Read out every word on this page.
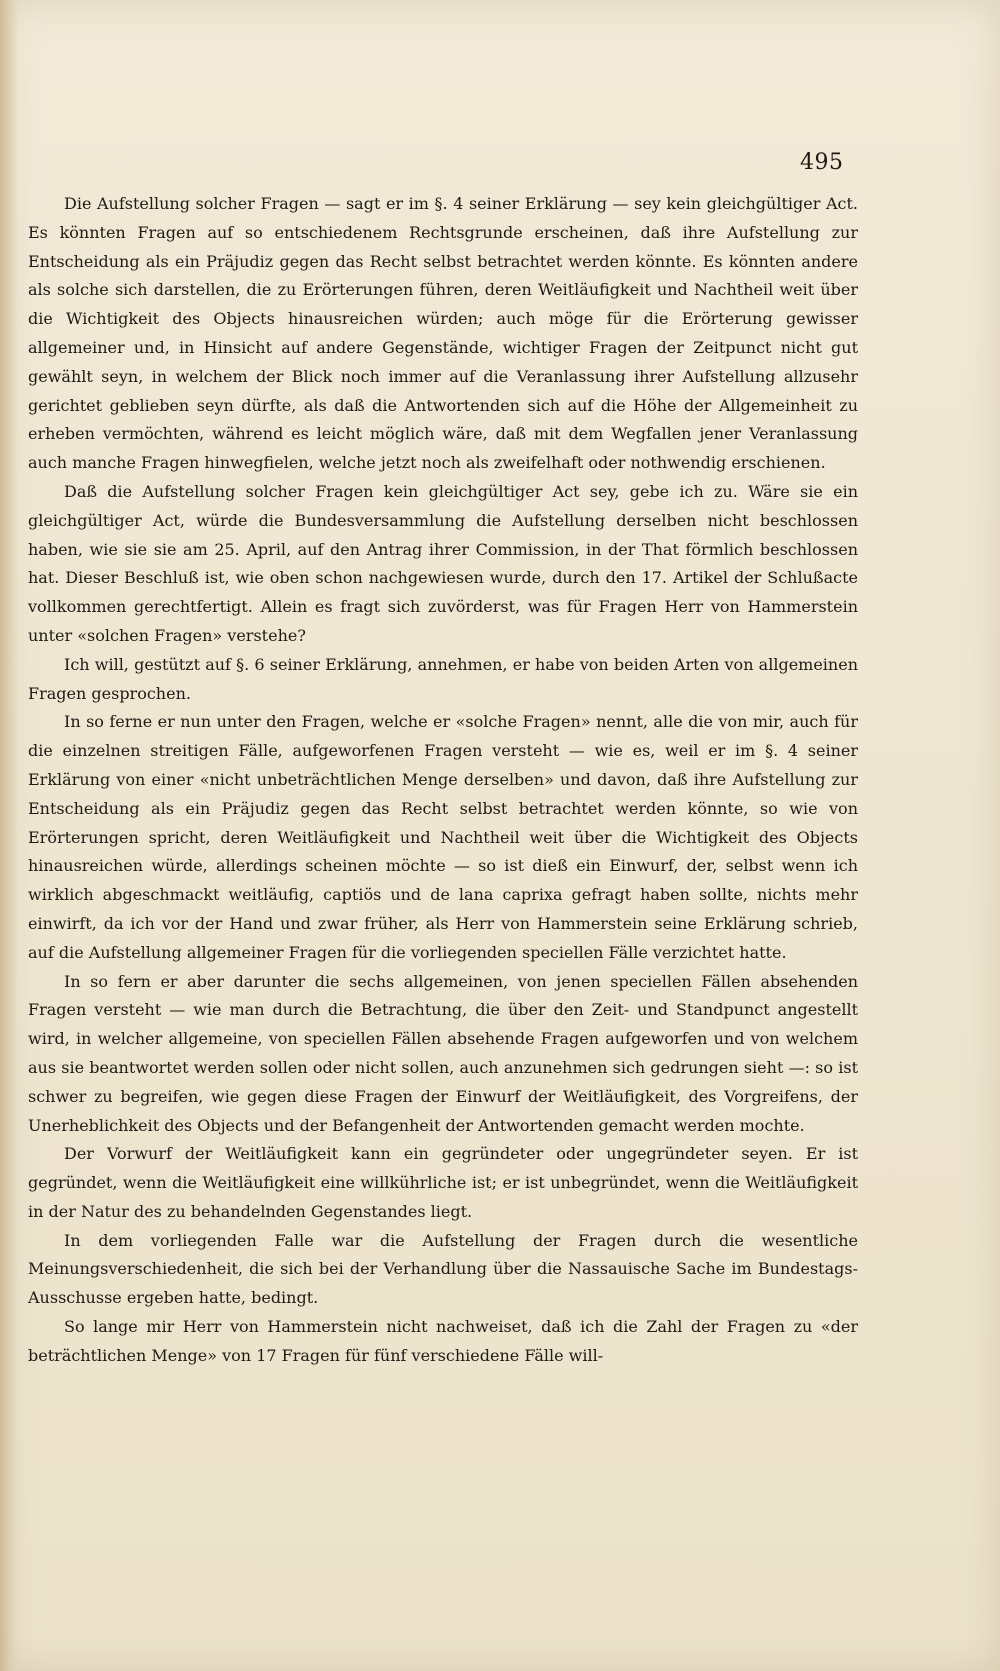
495

Die Aufstellung solcher Fragen — sagt er im §. 4 seiner Erklärung — sey kein gleichgültiger Act. Es könnten Fragen auf so entschiedenem Rechtsgrunde erscheinen, daß ihre Aufstellung zur Entscheidung als ein Präjudiz gegen das Recht selbst betrachtet werden könnte. Es könnten andere als solche sich darstellen, die zu Erörterungen führen, deren Weitläufigkeit und Nachtheil weit über die Wichtigkeit des Objects hinausreichen würden; auch möge für die Erörterung gewisser allgemeiner und, in Hinsicht auf andere Gegenstände, wichtiger Fragen der Zeitpunct nicht gut gewählt seyn, in welchem der Blick noch immer auf die Veranlassung ihrer Aufstellung allzusehr gerichtet geblieben seyn dürfte, als daß die Antwortenden sich auf die Höhe der Allgemeinheit zu erheben vermöchten, während es leicht möglich wäre, daß mit dem Wegfallen jener Veranlassung auch manche Fragen hinwegfielen, welche jetzt noch als zweifelhaft oder nothwendig erschienen.

Daß die Aufstellung solcher Fragen kein gleichgültiger Act sey, gebe ich zu. Wäre sie ein gleichgültiger Act, würde die Bundesversammlung die Aufstellung derselben nicht beschlossen haben, wie sie sie am 25. April, auf den Antrag ihrer Commission, in der That förmlich beschlossen hat. Dieser Beschluß ist, wie oben schon nachgewiesen wurde, durch den 17. Artikel der Schlußacte vollkommen gerechtfertigt. Allein es fragt sich zuvörderst, was für Fragen Herr von Hammerstein unter «solchen Fragen» verstehe?

Ich will, gestützt auf §. 6 seiner Erklärung, annehmen, er habe von beiden Arten von allgemeinen Fragen gesprochen.

In so ferne er nun unter den Fragen, welche er «solche Fragen» nennt, alle die von mir, auch für die einzelnen streitigen Fälle, aufgeworfenen Fragen versteht — wie es, weil er im §. 4 seiner Erklärung von einer «nicht unbeträchtlichen Menge derselben» und davon, daß ihre Aufstellung zur Entscheidung als ein Präjudiz gegen das Recht selbst betrachtet werden könnte, so wie von Erörterungen spricht, deren Weitläufigkeit und Nachtheil weit über die Wichtigkeit des Objects hinausreichen würde, allerdings scheinen möchte — so ist dieß ein Einwurf, der, selbst wenn ich wirklich abgeschmackt weitläufig, captiös und de lana caprixa gefragt haben sollte, nichts mehr einwirft, da ich vor der Hand und zwar früher, als Herr von Hammerstein seine Erklärung schrieb, auf die Aufstellung allgemeiner Fragen für die vorliegenden speciellen Fälle verzichtet hatte.

In so fern er aber darunter die sechs allgemeinen, von jenen speciellen Fällen absehenden Fragen versteht — wie man durch die Betrachtung, die über den Zeit- und Standpunct angestellt wird, in welcher allgemeine, von speciellen Fällen absehende Fragen aufgeworfen und von welchem aus sie beantwortet werden sollen oder nicht sollen, auch anzunehmen sich gedrungen sieht —: so ist schwer zu begreifen, wie gegen diese Fragen der Einwurf der Weitläufigkeit, des Vorgreifens, der Unerheblichkeit des Objects und der Befangenheit der Antwortenden gemacht werden mochte.

Der Vorwurf der Weitläufigkeit kann ein gegründeter oder ungegründeter seyen. Er ist gegründet, wenn die Weitläufigkeit eine willkührliche ist; er ist unbegründet, wenn die Weitläufigkeit in der Natur des zu behandelnden Gegenstandes liegt.

In dem vorliegenden Falle war die Aufstellung der Fragen durch die wesentliche Meinungsverschiedenheit, die sich bei der Verhandlung über die Nassauische Sache im Bundestags-Ausschusse ergeben hatte, bedingt.

So lange mir Herr von Hammerstein nicht nachweiset, daß ich die Zahl der Fragen zu «der beträchtlichen Menge» von 17 Fragen für fünf verschiedene Fälle will-
